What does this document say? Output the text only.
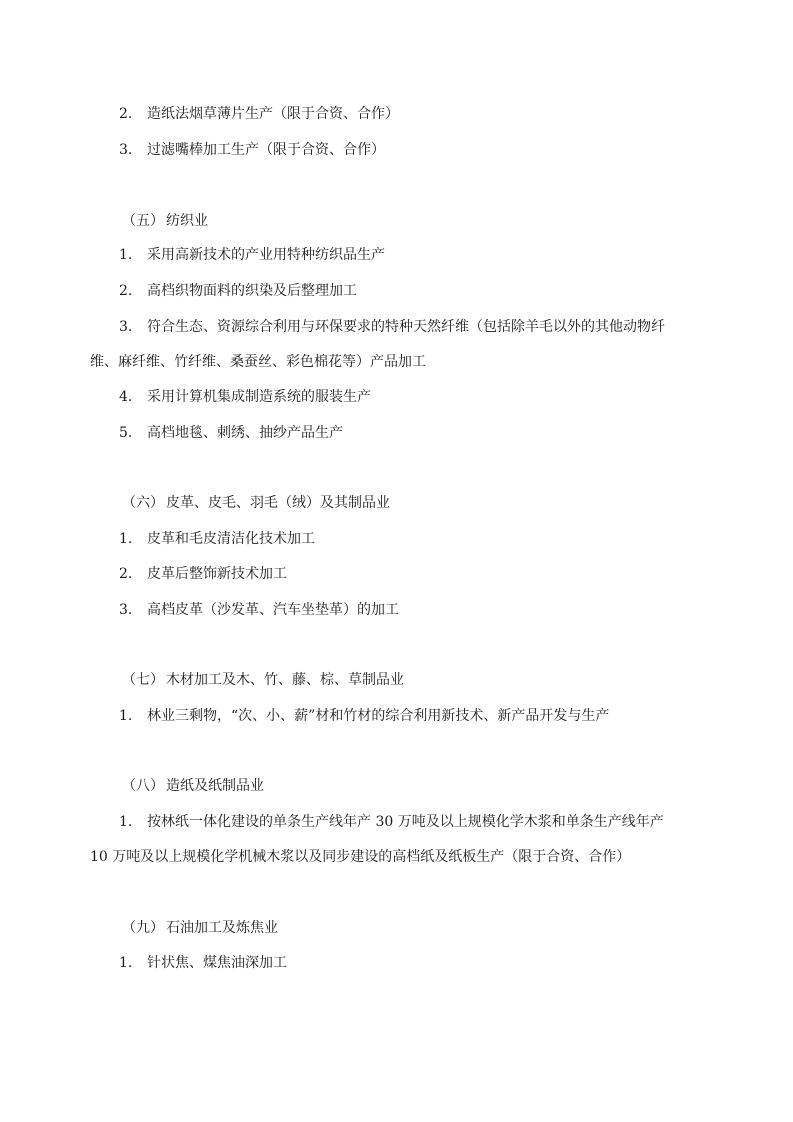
2. 造纸法烟草薄片生产（限于合资、合作）
3. 过滤嘴棒加工生产（限于合资、合作）
（五） 纺织业
1. 采用高新技术的产业用特种纺织品生产
2. 高档织物面料的织染及后整理加工
3. 符合生态、资源综合利用与环保要求的特种天然纤维（包括除羊毛以外的其他动物纤
维、麻纤维、竹纤维、桑蚕丝、彩色棉花等）产品加工
4. 采用计算机集成制造系统的服装生产
5. 高档地毯、刺绣、抽纱产品生产
（六） 皮革、皮毛、羽毛（绒）及其制品业
1. 皮革和毛皮清洁化技术加工
2. 皮革后整饰新技术加工
3. 高档皮革（沙发革、汽车坐垫革）的加工
（七） 木材加工及木、竹、藤、棕、草制品业
1. 林业三剩物，“次、小、薪”材和竹材的综合利用新技术、新产品开发与生产
（八） 造纸及纸制品业
1. 按林纸一体化建设的单条生产线年产 30 万吨及以上规模化学木浆和单条生产线年产
10 万吨及以上规模化学机械木浆以及同步建设的高档纸及纸板生产（限于合资、合作）
（九） 石油加工及炼焦业
1. 针状焦、煤焦油深加工
